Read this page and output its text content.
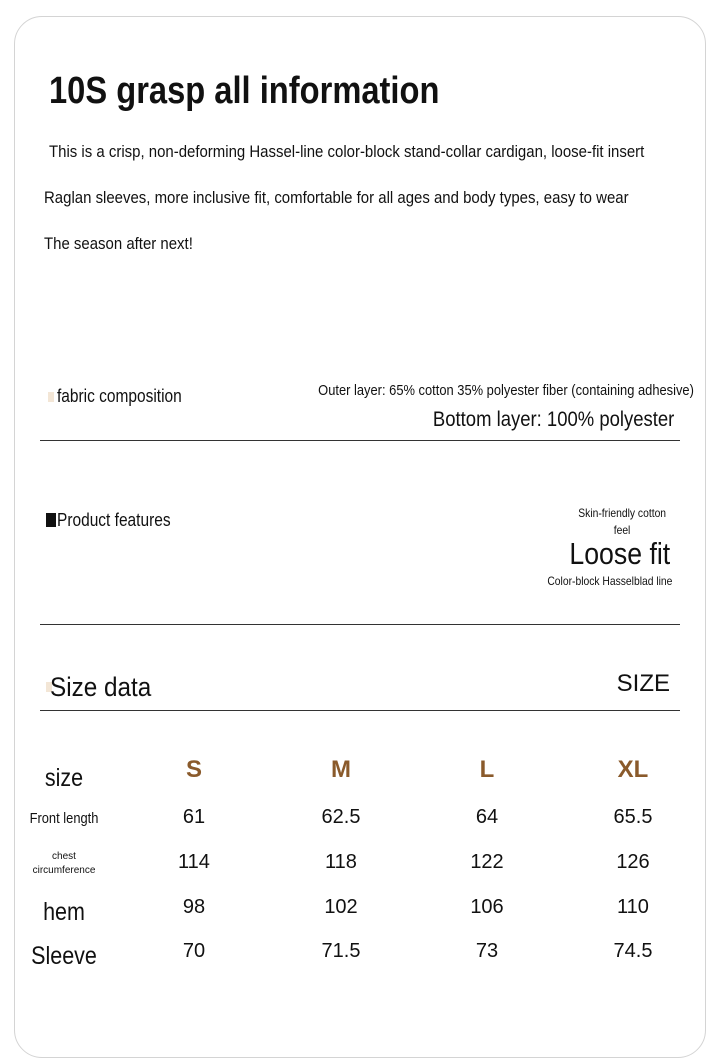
10S grasp all information
This is a crisp, non-deforming Hassel-line color-block stand-collar cardigan, loose-fit insert
Raglan sleeves, more inclusive fit, comfortable for all ages and body types, easy to wear
The season after next!
fabric composition	Outer layer: 65% cotton 35% polyester fiber (containing adhesive)
Bottom layer: 100% polyester
Product features	Skin-friendly cotton
feel
Loose fit
Color-block Hasselblad line
Size data	SIZE
size	S	M	L	XL
Front length	61	62.5	64	65.5
chest
circumference	114	118	122	126
hem	98	102	106	110
Sleeve	70	71.5	73	74.5
